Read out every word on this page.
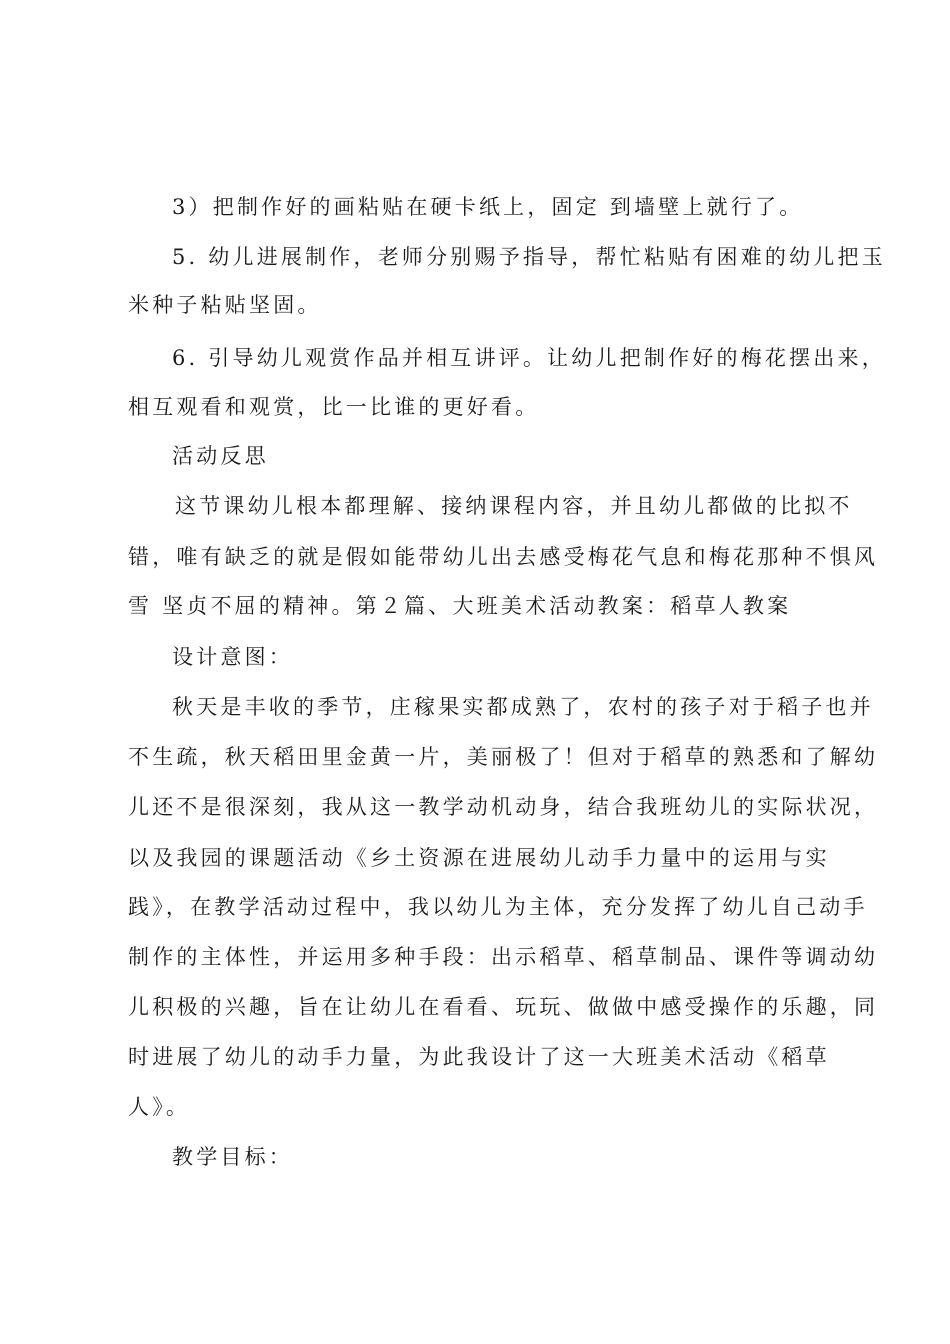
3）把制作好的画粘贴在硬卡纸上，固定 到墙壁上就行了。
5. 幼儿进展制作，老师分别赐予指导，帮忙粘贴有困难的幼儿把玉
米种子粘贴坚固。
6. 引导幼儿观赏作品并相互讲评。让幼儿把制作好的梅花摆出来，
相互观看和观赏，比一比谁的更好看。
活动反思
这节课幼儿根本都理解、接纳课程内容，并且幼儿都做的比拟不
错，唯有缺乏的就是假如能带幼儿出去感受梅花气息和梅花那种不惧风
雪 坚贞不屈的精神。第２篇、大班美术活动教案：稻草人教案
设计意图：
秋天是丰收的季节，庄稼果实都成熟了，农村的孩子对于稻子也并
不生疏，秋天稻田里金黄一片，美丽极了！但对于稻草的熟悉和了解幼
儿还不是很深刻，我从这一教学动机动身，结合我班幼儿的实际状况，
以及我园的课题活动《乡土资源在进展幼儿动手力量中的运用与实
践》，在教学活动过程中，我以幼儿为主体，充分发挥了幼儿自己动手
制作的主体性，并运用多种手段：出示稻草、稻草制品、课件等调动幼
儿积极的兴趣，旨在让幼儿在看看、玩玩、做做中感受操作的乐趣，同
时进展了幼儿的动手力量，为此我设计了这一大班美术活动《稻草
人》。
教学目标：
